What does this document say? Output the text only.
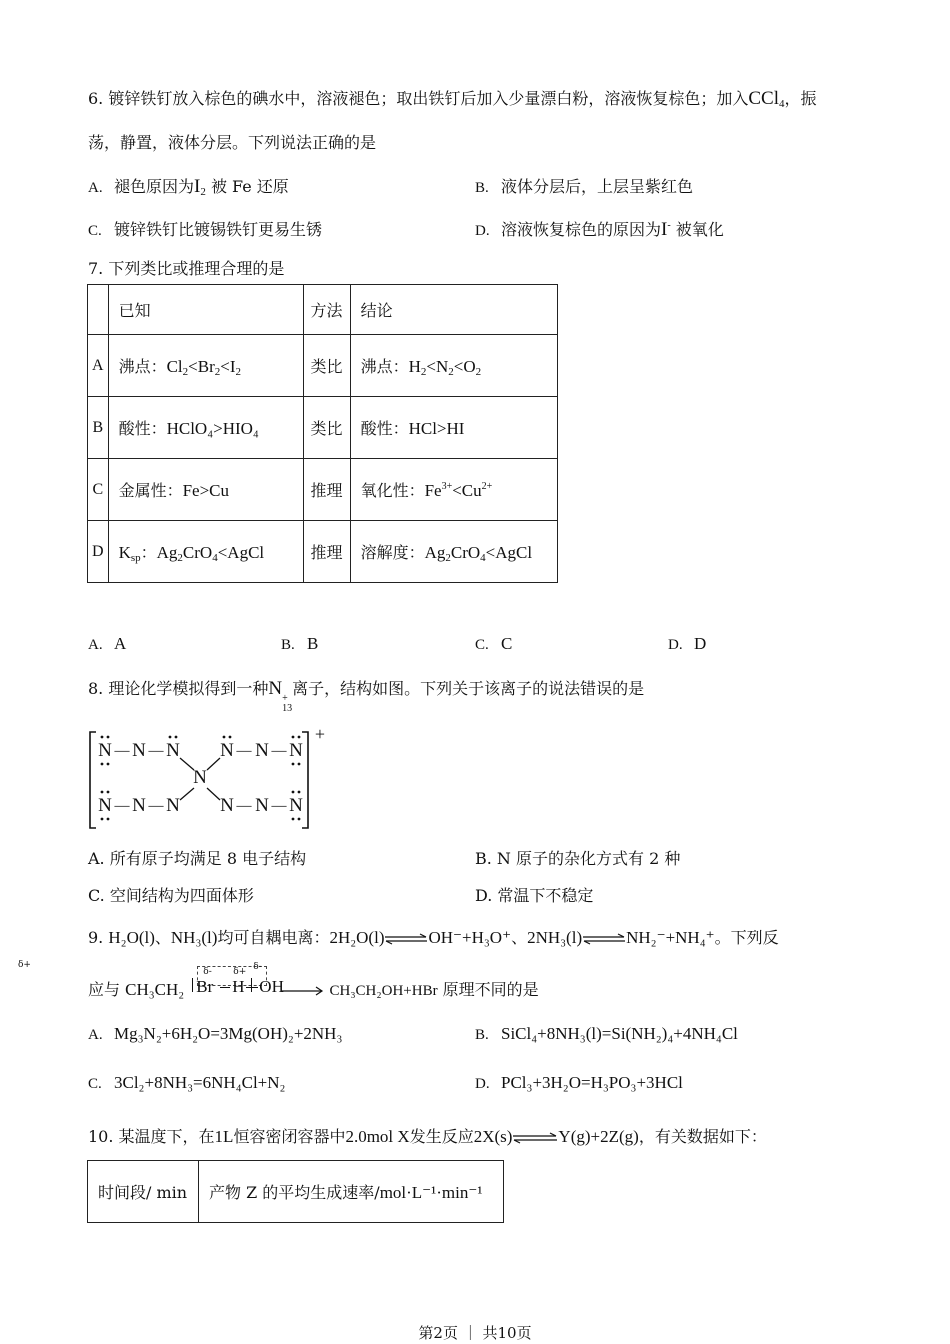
6. 镀锌铁钉放入棕色的碘水中，溶液褪色；取出铁钉后加入少量漂白粉，溶液恢复棕色；加入CCl$_4$，振
荡，静置，液体分层。下列说法正确的是
A. 褪色原因为$I_2$ 被 Fe 还原	B. 液体分层后，上层呈紫红色
C. 镀锌铁钉比镀锡铁钉更易生锈	D. 溶液恢复棕色的原因为I- 被氧化
7. 下列类比或推理合理的是
	已知	方法	结论
A	沸点：$Cl_2<Br_2<I_2$	类比	沸点：$H_2<N_2<O_2$
B	酸性：HClO₄>HIO₄	类比	酸性：HCl>HI
C	金属性：Fe>Cu	推理	氧化性：$Fe^{3+}<Cu^{2+}$
D	$K_{sp}$：$Ag_2CrO_4<AgCl$	推理	溶解度：$Ag_2CrO_4<AgCl$
A. A	B. B	C. C	D. D
8. 理论化学模拟得到一种N +
13
离子，结构如图。下列关于该离子的说法错误的是
N — N — N N — N — N
N
N — N — N N — N — N
+
A. 所有原子均满足 8 电子结构	B. N 原子的杂化方式有 2 种
C. 空间结构为四面体形	D. 常温下不稳定
9. H₂O(l)、NH₃(l)均可自耦电离：2H₂O(l)⇌OH⁻+H₃O⁺、2NH₃(l)⇌NH₂⁻+NH₄⁺。下列反
应与 CH₃CH₂
δ- δ+ δ-
Br H OH

δ+
→ CH₃CH₂OH+HBr 原理不同的是
A. Mg₃N₂+6H₂O=3Mg(OH)₂+2NH₃	B. SiCl₄+8NH₃(l)=Si(NH₂)₄+4NH₄Cl
C. 3Cl₂+8NH₃=6NH₄Cl+N₂	D. PCl₃+3H₂O=H₃PO₃+3HCl
10. 某温度下，在1L恒容密闭容器中2.0mol X发生反应2X(s)⇌Y(g)+2Z(g)，有关数据如下：
时间段/ min	产物 Z 的平均生成速率/mol·L⁻¹·min⁻¹
第2页 ｜ 共10页
